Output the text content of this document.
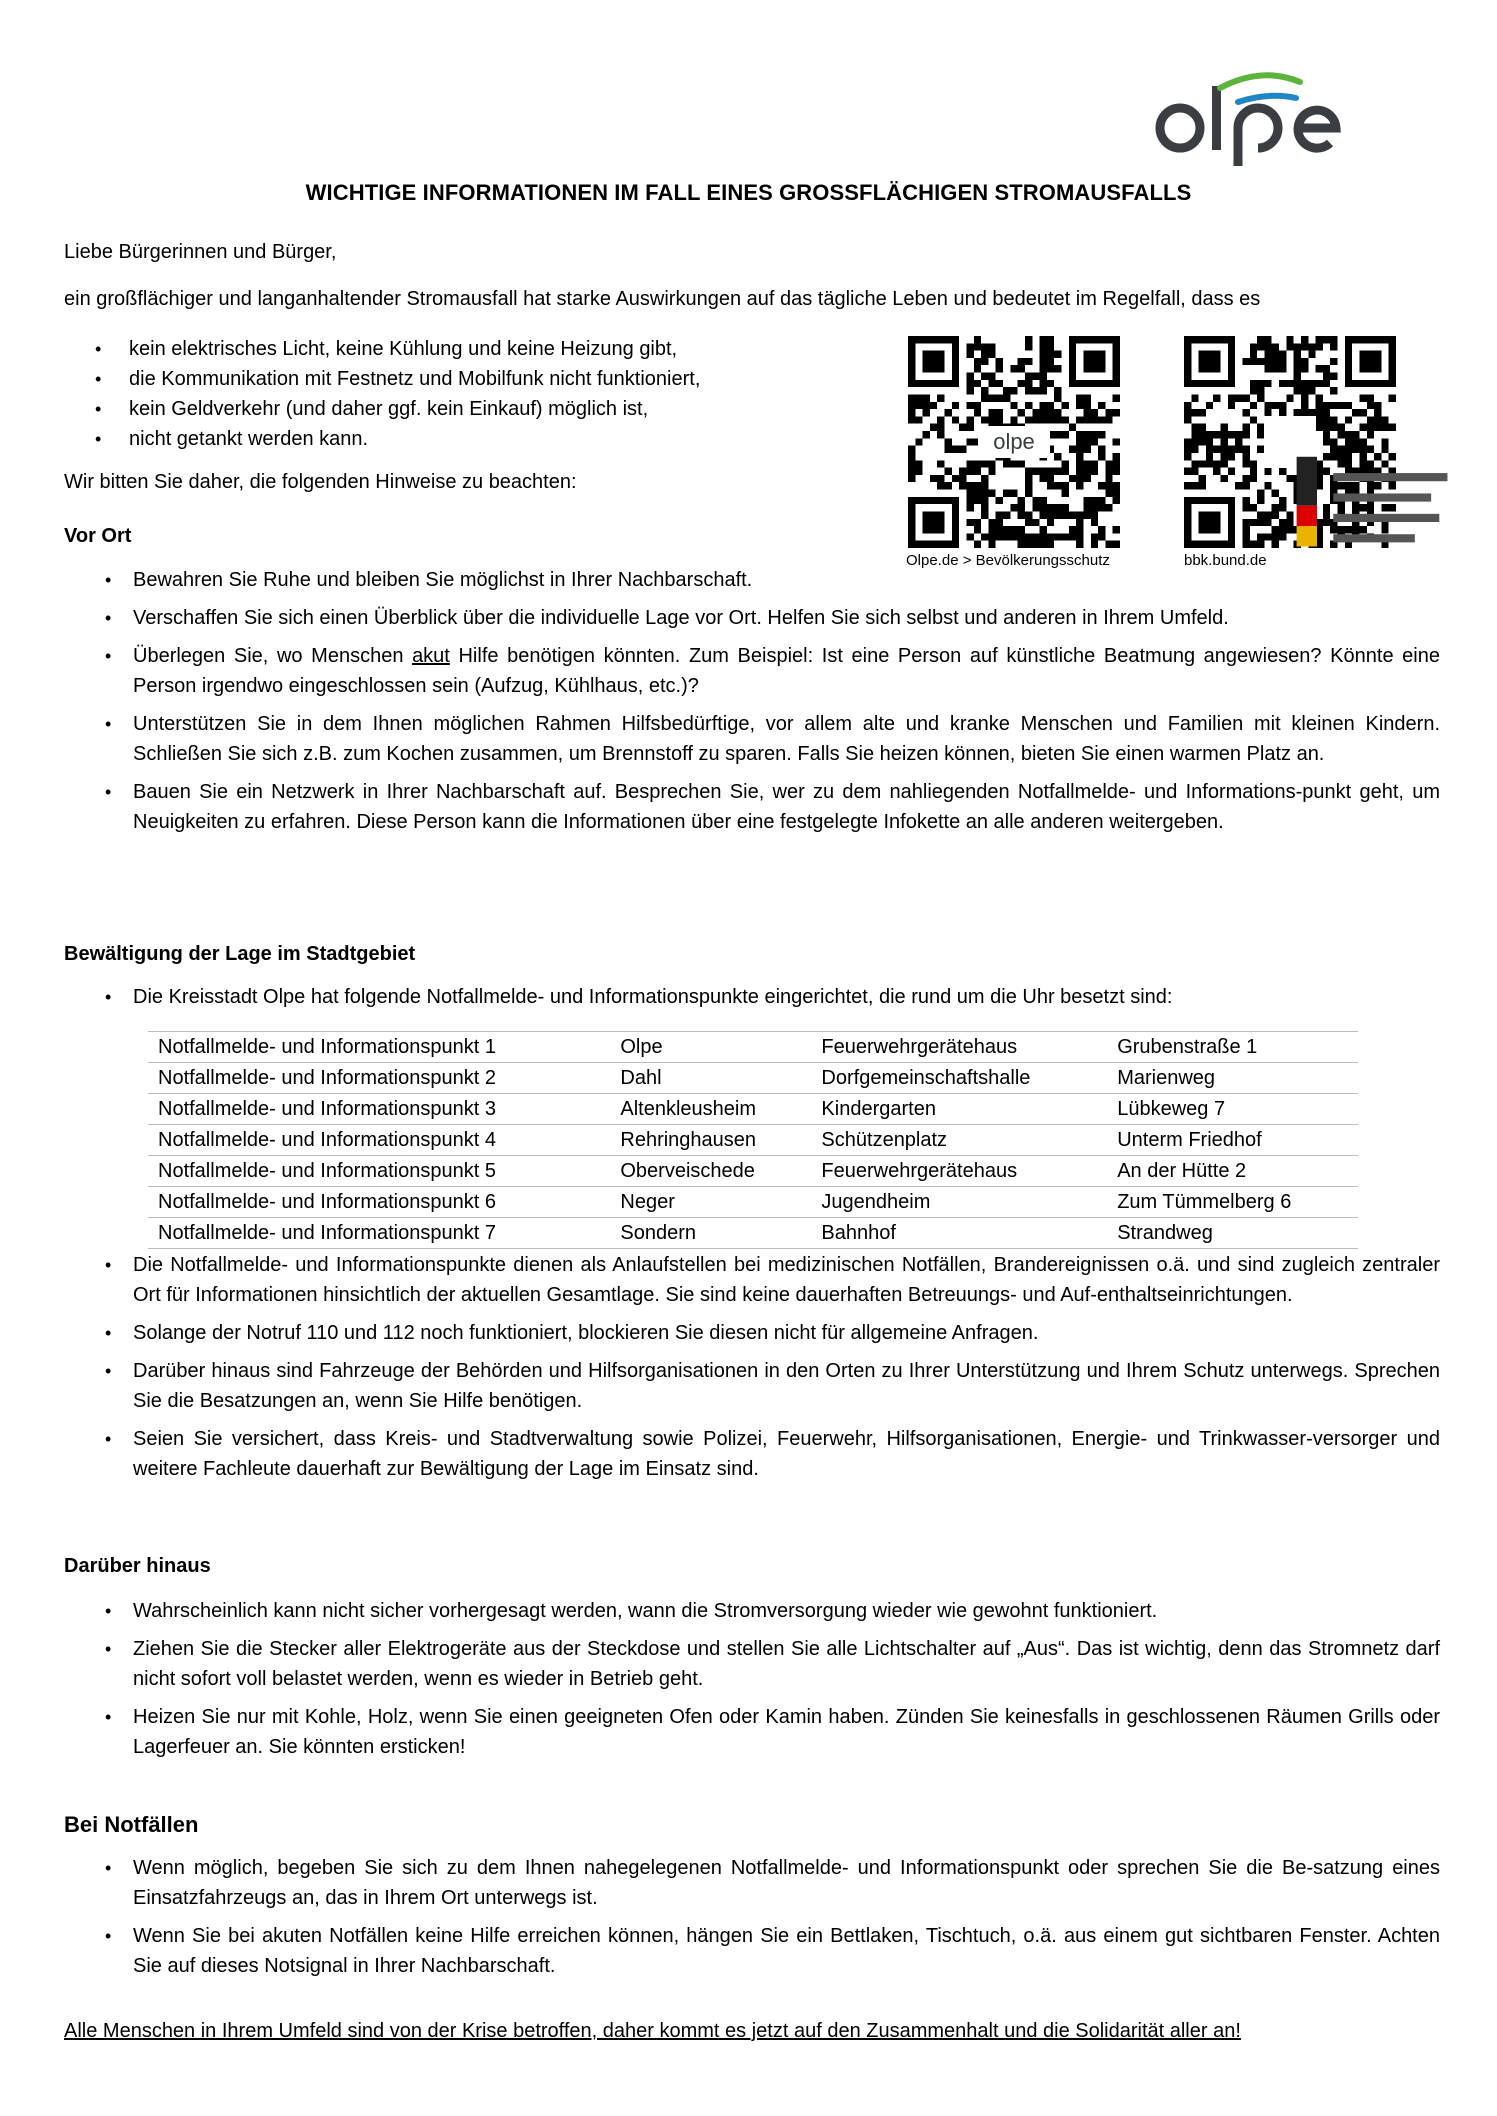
WICHTIGE INFORMATIONEN IM FALL EINES GROSSFLÄCHIGEN STROMAUSFALLS
Liebe Bürgerinnen und Bürger,
ein großflächiger und langanhaltender Stromausfall hat starke Auswirkungen auf das tägliche Leben und bedeutet im Regelfall, dass es
• kein elektrisches Licht, keine Kühlung und keine Heizung gibt,
• die Kommunikation mit Festnetz und Mobilfunk nicht funktioniert,
• kein Geldverkehr (und daher ggf. kein Einkauf) möglich ist,
• nicht getankt werden kann.
Wir bitten Sie daher, die folgenden Hinweise zu beachten:
olpe
Olpe.de > Bevölkerungsschutz	bbk.bund.de
Vor Ort
• Bewahren Sie Ruhe und bleiben Sie möglichst in Ihrer Nachbarschaft.
• Verschaffen Sie sich einen Überblick über die individuelle Lage vor Ort. Helfen Sie sich selbst und anderen in Ihrem Umfeld.
• Überlegen Sie, wo Menschen akut Hilfe benötigen könnten. Zum Beispiel: Ist eine Person auf künstliche Beatmung angewiesen? Könnte eine Person irgendwo eingeschlossen sein (Aufzug, Kühlhaus, etc.)?
• Unterstützen Sie in dem Ihnen möglichen Rahmen Hilfsbedürftige, vor allem alte und kranke Menschen und Familien mit kleinen Kindern. Schließen Sie sich z.B. zum Kochen zusammen, um Brennstoff zu sparen. Falls Sie heizen können, bieten Sie einen warmen Platz an.
• Bauen Sie ein Netzwerk in Ihrer Nachbarschaft auf. Besprechen Sie, wer zu dem nahliegenden Notfallmelde- und Informations-punkt geht, um Neuigkeiten zu erfahren. Diese Person kann die Informationen über eine festgelegte Infokette an alle anderen weitergeben.
Bewältigung der Lage im Stadtgebiet
• Die Kreisstadt Olpe hat folgende Notfallmelde- und Informationspunkte eingerichtet, die rund um die Uhr besetzt sind:
Notfallmelde- und Informationspunkt 1	Olpe	Feuerwehrgerätehaus	Grubenstraße 1
Notfallmelde- und Informationspunkt 2	Dahl	Dorfgemeinschaftshalle	Marienweg
Notfallmelde- und Informationspunkt 3	Altenkleusheim	Kindergarten	Lübkeweg 7
Notfallmelde- und Informationspunkt 4	Rehringhausen	Schützenplatz	Unterm Friedhof
Notfallmelde- und Informationspunkt 5	Oberveischede	Feuerwehrgerätehaus	An der Hütte 2
Notfallmelde- und Informationspunkt 6	Neger	Jugendheim	Zum Tümmelberg 6
Notfallmelde- und Informationspunkt 7	Sondern	Bahnhof	Strandweg
• Die Notfallmelde- und Informationspunkte dienen als Anlaufstellen bei medizinischen Notfällen, Brandereignissen o.ä. und sind zugleich zentraler Ort für Informationen hinsichtlich der aktuellen Gesamtlage. Sie sind keine dauerhaften Betreuungs- und Auf-enthaltseinrichtungen.
• Solange der Notruf 110 und 112 noch funktioniert, blockieren Sie diesen nicht für allgemeine Anfragen.
• Darüber hinaus sind Fahrzeuge der Behörden und Hilfsorganisationen in den Orten zu Ihrer Unterstützung und Ihrem Schutz unterwegs. Sprechen Sie die Besatzungen an, wenn Sie Hilfe benötigen.
• Seien Sie versichert, dass Kreis- und Stadtverwaltung sowie Polizei, Feuerwehr, Hilfsorganisationen, Energie- und Trinkwasser-versorger und weitere Fachleute dauerhaft zur Bewältigung der Lage im Einsatz sind.
Darüber hinaus
• Wahrscheinlich kann nicht sicher vorhergesagt werden, wann die Stromversorgung wieder wie gewohnt funktioniert.
• Ziehen Sie die Stecker aller Elektrogeräte aus der Steckdose und stellen Sie alle Lichtschalter auf „Aus“. Das ist wichtig, denn das Stromnetz darf nicht sofort voll belastet werden, wenn es wieder in Betrieb geht.
• Heizen Sie nur mit Kohle, Holz, wenn Sie einen geeigneten Ofen oder Kamin haben. Zünden Sie keinesfalls in geschlossenen Räumen Grills oder Lagerfeuer an. Sie könnten ersticken!
Bei Notfällen
• Wenn möglich, begeben Sie sich zu dem Ihnen nahegelegenen Notfallmelde- und Informationspunkt oder sprechen Sie die Be-satzung eines Einsatzfahrzeugs an, das in Ihrem Ort unterwegs ist.
• Wenn Sie bei akuten Notfällen keine Hilfe erreichen können, hängen Sie ein Bettlaken, Tischtuch, o.ä. aus einem gut sichtbaren Fenster. Achten Sie auf dieses Notsignal in Ihrer Nachbarschaft.
Alle Menschen in Ihrem Umfeld sind von der Krise betroffen, daher kommt es jetzt auf den Zusammenhalt und die Solidarität aller an!
